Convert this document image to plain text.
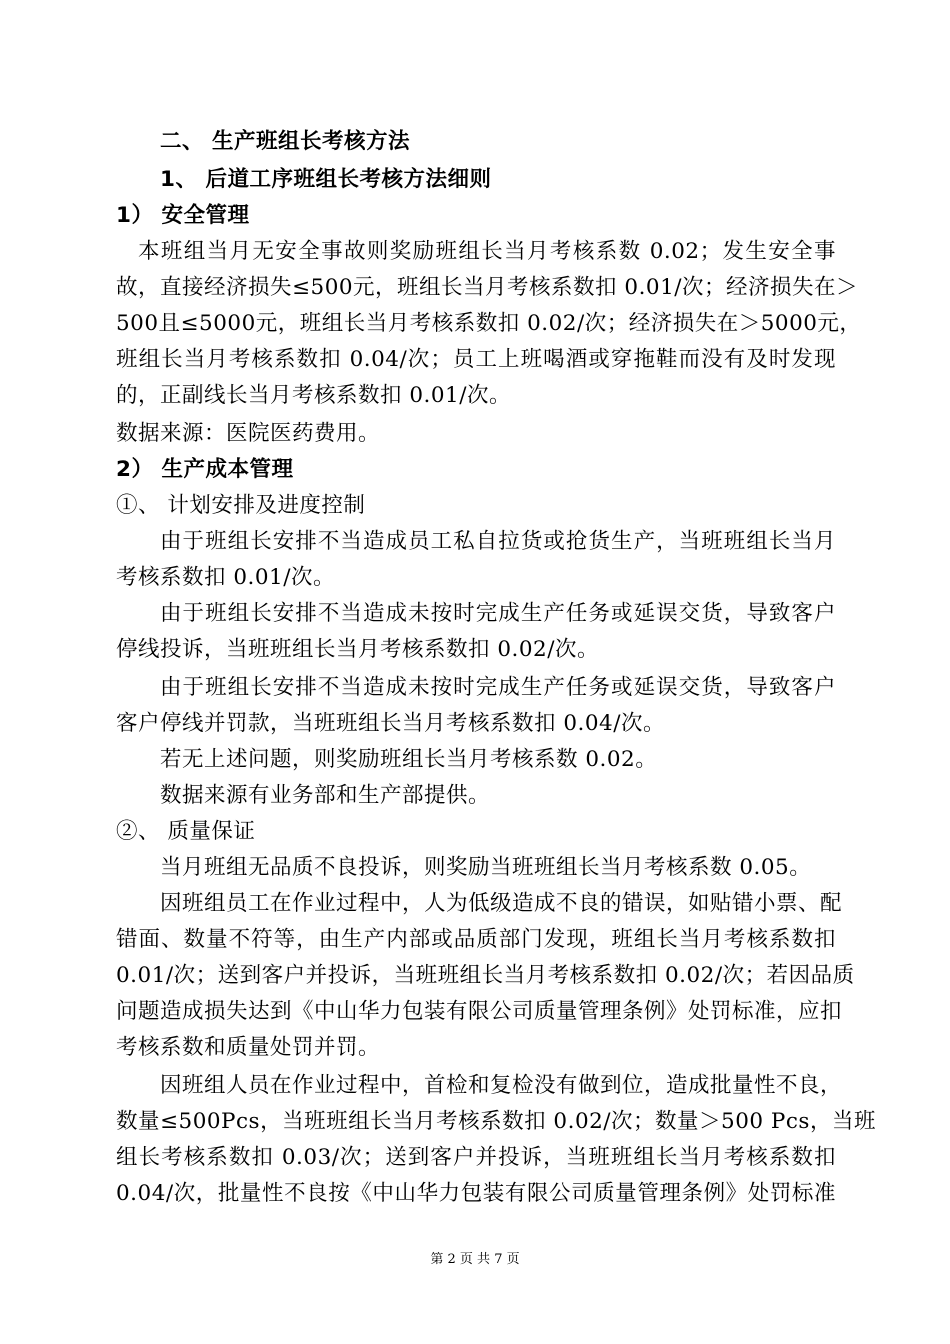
二、 生产班组长考核方法
1、 后道工序班组长考核方法细则
1） 安全管理
本班组当月无安全事故则奖励班组长当月考核系数 0.02；发生安全事
故，直接经济损失≤500元，班组长当月考核系数扣 0.01/次；经济损失在＞
500且≤5000元，班组长当月考核系数扣 0.02/次；经济损失在＞5000元，
班组长当月考核系数扣 0.04/次；员工上班喝酒或穿拖鞋而没有及时发现
的，正副线长当月考核系数扣 0.01/次。
数据来源：医院医药费用。
2） 生产成本管理
①、 计划安排及进度控制
由于班组长安排不当造成员工私自拉货或抢货生产，当班班组长当月
考核系数扣 0.01/次。
由于班组长安排不当造成未按时完成生产任务或延误交货，导致客户
停线投诉，当班班组长当月考核系数扣 0.02/次。
由于班组长安排不当造成未按时完成生产任务或延误交货，导致客户
客户停线并罚款，当班班组长当月考核系数扣 0.04/次。
若无上述问题，则奖励班组长当月考核系数 0.02。
数据来源有业务部和生产部提供。
②、 质量保证
当月班组无品质不良投诉，则奖励当班班组长当月考核系数 0.05。
因班组员工在作业过程中，人为低级造成不良的错误，如贴错小票、配
错面、数量不符等，由生产内部或品质部门发现，班组长当月考核系数扣
0.01/次；送到客户并投诉，当班班组长当月考核系数扣 0.02/次；若因品质
问题造成损失达到《中山华力包装有限公司质量管理条例》处罚标准，应扣
考核系数和质量处罚并罚。
因班组人员在作业过程中，首检和复检没有做到位，造成批量性不良，
数量≤500Pcs，当班班组长当月考核系数扣 0.02/次；数量＞500 Pcs，当班
组长考核系数扣 0.03/次；送到客户并投诉，当班班组长当月考核系数扣
0.04/次，批量性不良按《中山华力包装有限公司质量管理条例》处罚标准
第 2 页 共 7 页
